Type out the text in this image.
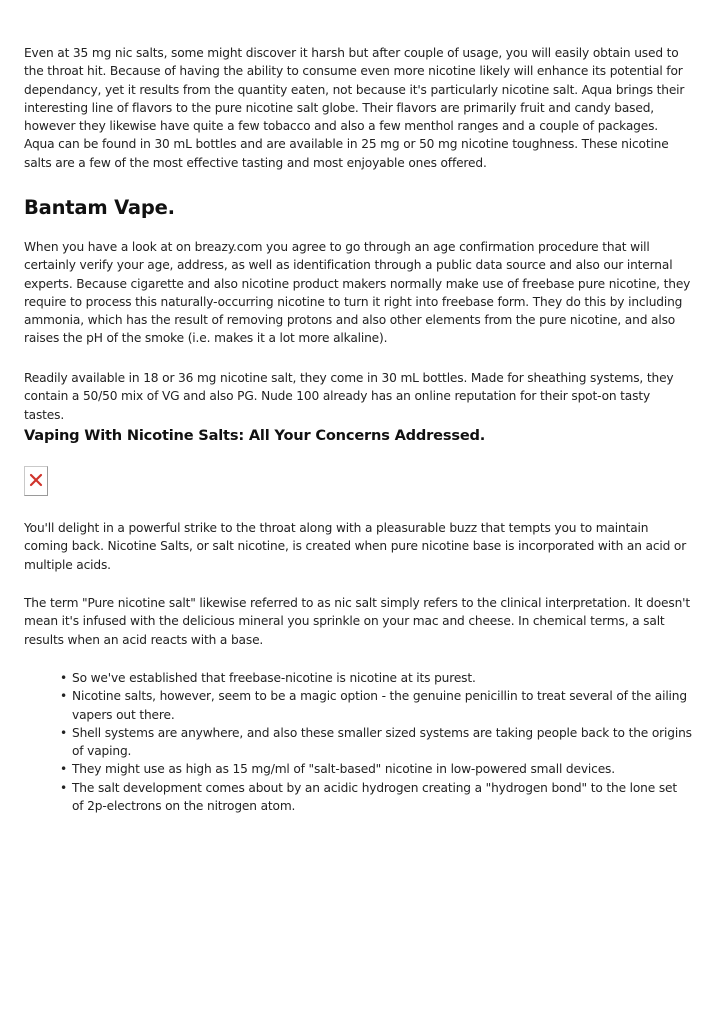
Even at 35 mg nic salts, some might discover it harsh but after couple of usage, you will easily obtain used to the throat hit. Because of having the ability to consume even more nicotine likely will enhance its potential for dependancy, yet it results from the quantity eaten, not because it's particularly nicotine salt. Aqua brings their interesting line of flavors to the pure nicotine salt globe. Their flavors are primarily fruit and candy based, however they likewise have quite a few tobacco and also a few menthol ranges and a couple of packages. Aqua can be found in 30 mL bottles and are available in 25 mg or 50 mg nicotine toughness. These nicotine salts are a few of the most effective tasting and most enjoyable ones offered.

Bantam Vape.

When you have a look at on breazy.com you agree to go through an age confirmation procedure that will certainly verify your age, address, as well as identification through a public data source and also our internal experts. Because cigarette and also nicotine product makers normally make use of freebase pure nicotine, they require to process this naturally-occurring nicotine to turn it right into freebase form. They do this by including ammonia, which has the result of removing protons and also other elements from the pure nicotine, and also raises the pH of the smoke (i.e. makes it a lot more alkaline).

Readily available in 18 or 36 mg nicotine salt, they come in 30 mL bottles. Made for sheathing systems, they contain a 50/50 mix of VG and also PG. Nude 100 already has an online reputation for their spot-on tasty tastes.

Vaping With Nicotine Salts: All Your Concerns Addressed.

You'll delight in a powerful strike to the throat along with a pleasurable buzz that tempts you to maintain coming back. Nicotine Salts, or salt nicotine, is created when pure nicotine base is incorporated with an acid or multiple acids.

The term "Pure nicotine salt" likewise referred to as nic salt simply refers to the clinical interpretation. It doesn't mean it's infused with the delicious mineral you sprinkle on your mac and cheese. In chemical terms, a salt results when an acid reacts with a base.

• So we've established that freebase-nicotine is nicotine at its purest.
• Nicotine salts, however, seem to be a magic option - the genuine penicillin to treat several of the ailing vapers out there.
• Shell systems are anywhere, and also these smaller sized systems are taking people back to the origins of vaping.
• They might use as high as 15 mg/ml of "salt-based" nicotine in low-powered small devices.
• The salt development comes about by an acidic hydrogen creating a "hydrogen bond" to the lone set of 2p-electrons on the nitrogen atom.
